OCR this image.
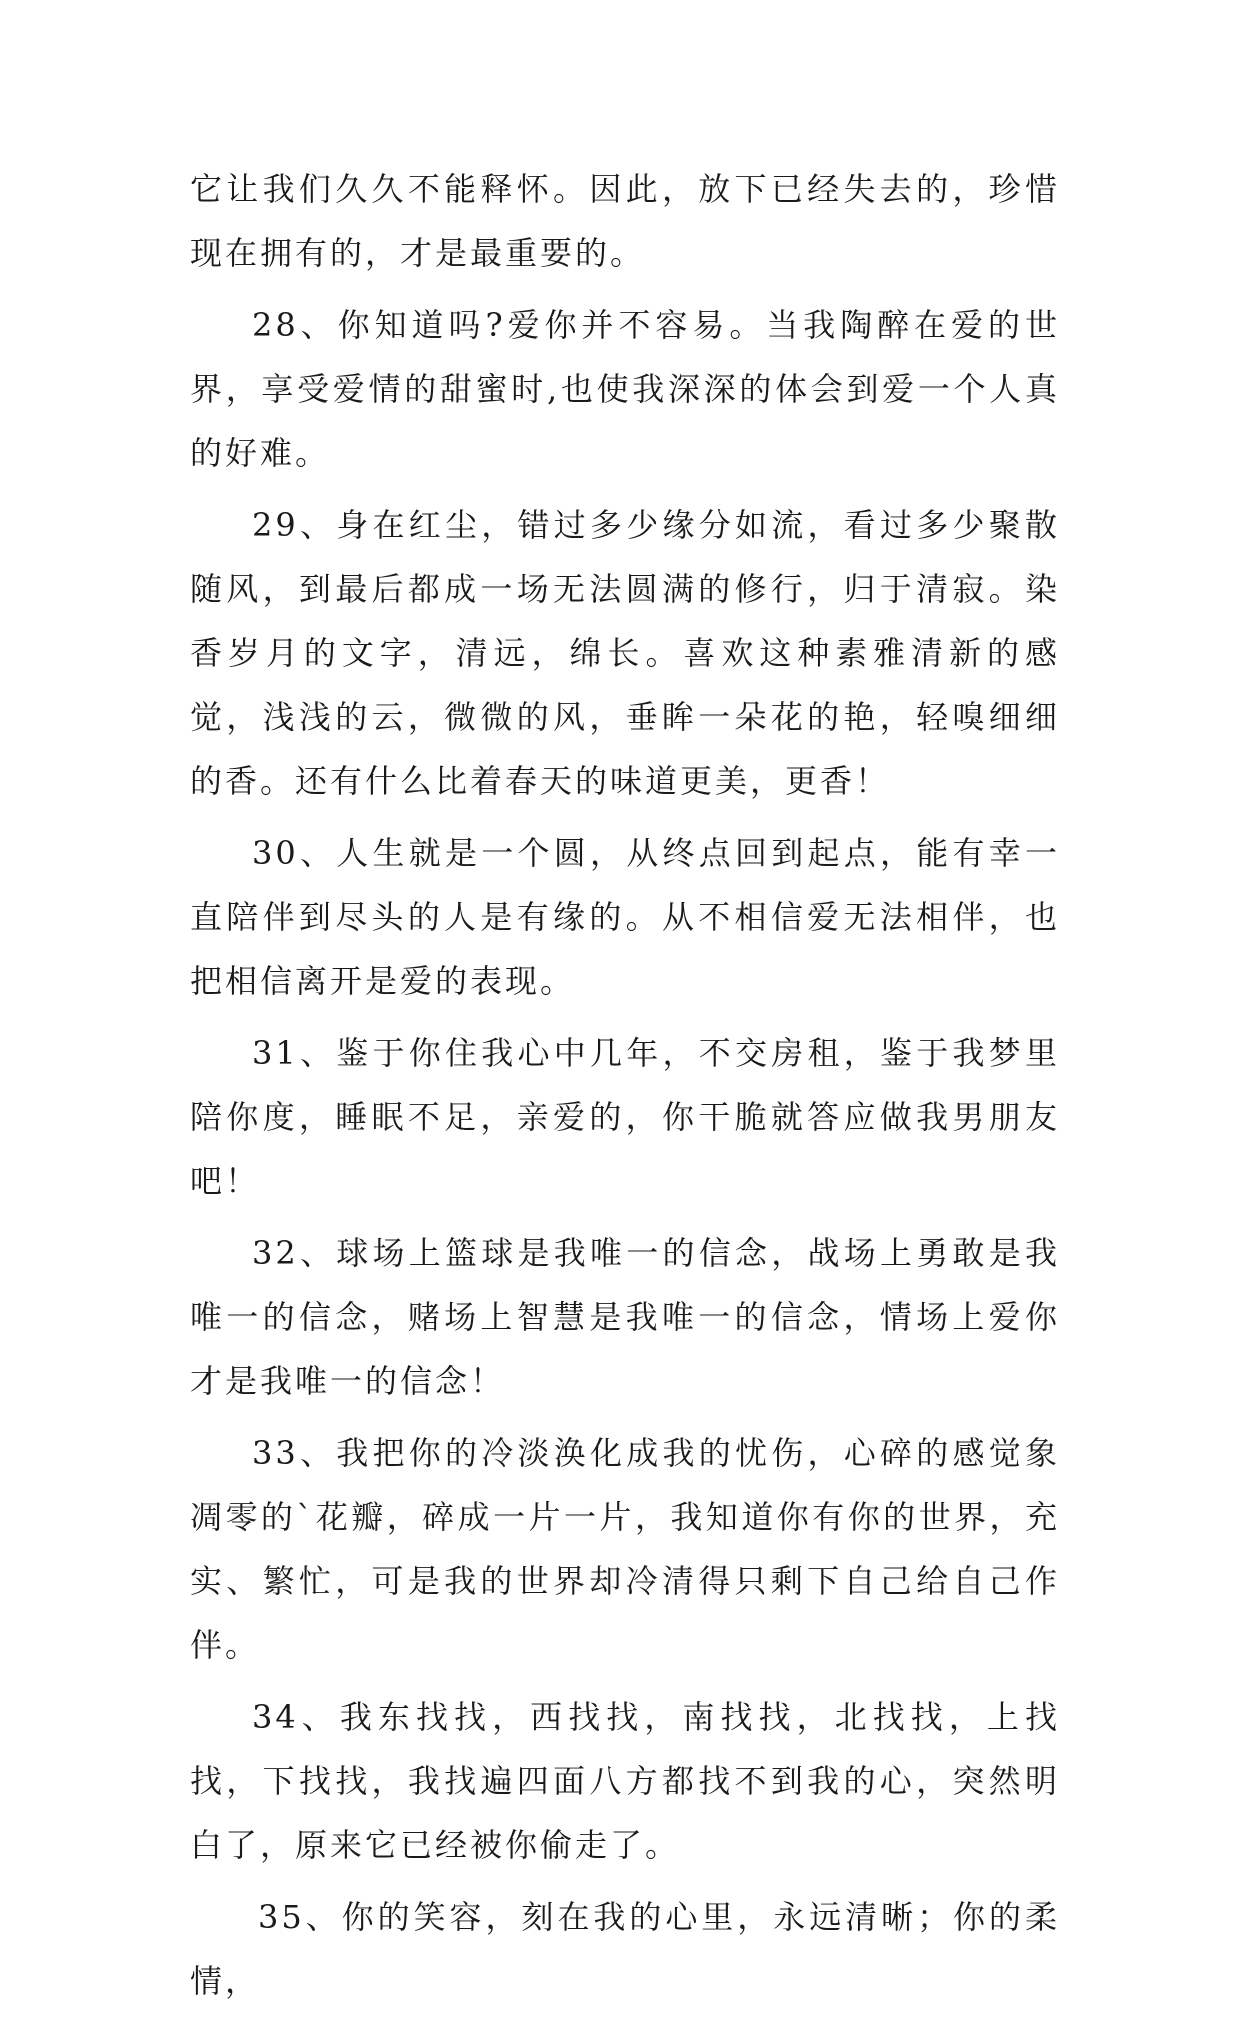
它让我们久久不能释怀。因此，放下已经失去的，珍惜现在拥有的，才是最重要的。

28、你知道吗?爱你并不容易。当我陶醉在爱的世界，享受爱情的甜蜜时,也使我深深的体会到爱一个人真的好难。

29、身在红尘，错过多少缘分如流，看过多少聚散随风，到最后都成一场无法圆满的修行，归于清寂。染香岁月的文字，清远，绵长。喜欢这种素雅清新的感觉，浅浅的云，微微的风，垂眸一朵花的艳，轻嗅细细的香。还有什么比着春天的味道更美，更香！

30、人生就是一个圆，从终点回到起点，能有幸一直陪伴到尽头的人是有缘的。从不相信爱无法相伴，也把相信离开是爱的表现。

31、鉴于你住我心中几年，不交房租，鉴于我梦里陪你度，睡眠不足，亲爱的，你干脆就答应做我男朋友吧！

32、球场上篮球是我唯一的信念，战场上勇敢是我唯一的信念，赌场上智慧是我唯一的信念，情场上爱你才是我唯一的信念！

33、我把你的冷淡涣化成我的忧伤，心碎的感觉象凋零的`花瓣，碎成一片一片，我知道你有你的世界，充实、繁忙，可是我的世界却冷清得只剩下自己给自己作伴。

34、我东找找，西找找，南找找，北找找，上找找，下找找，我找遍四面八方都找不到我的心，突然明白了，原来它已经被你偷走了。

35、你的笑容，刻在我的心里，永远清晰；你的柔情，
